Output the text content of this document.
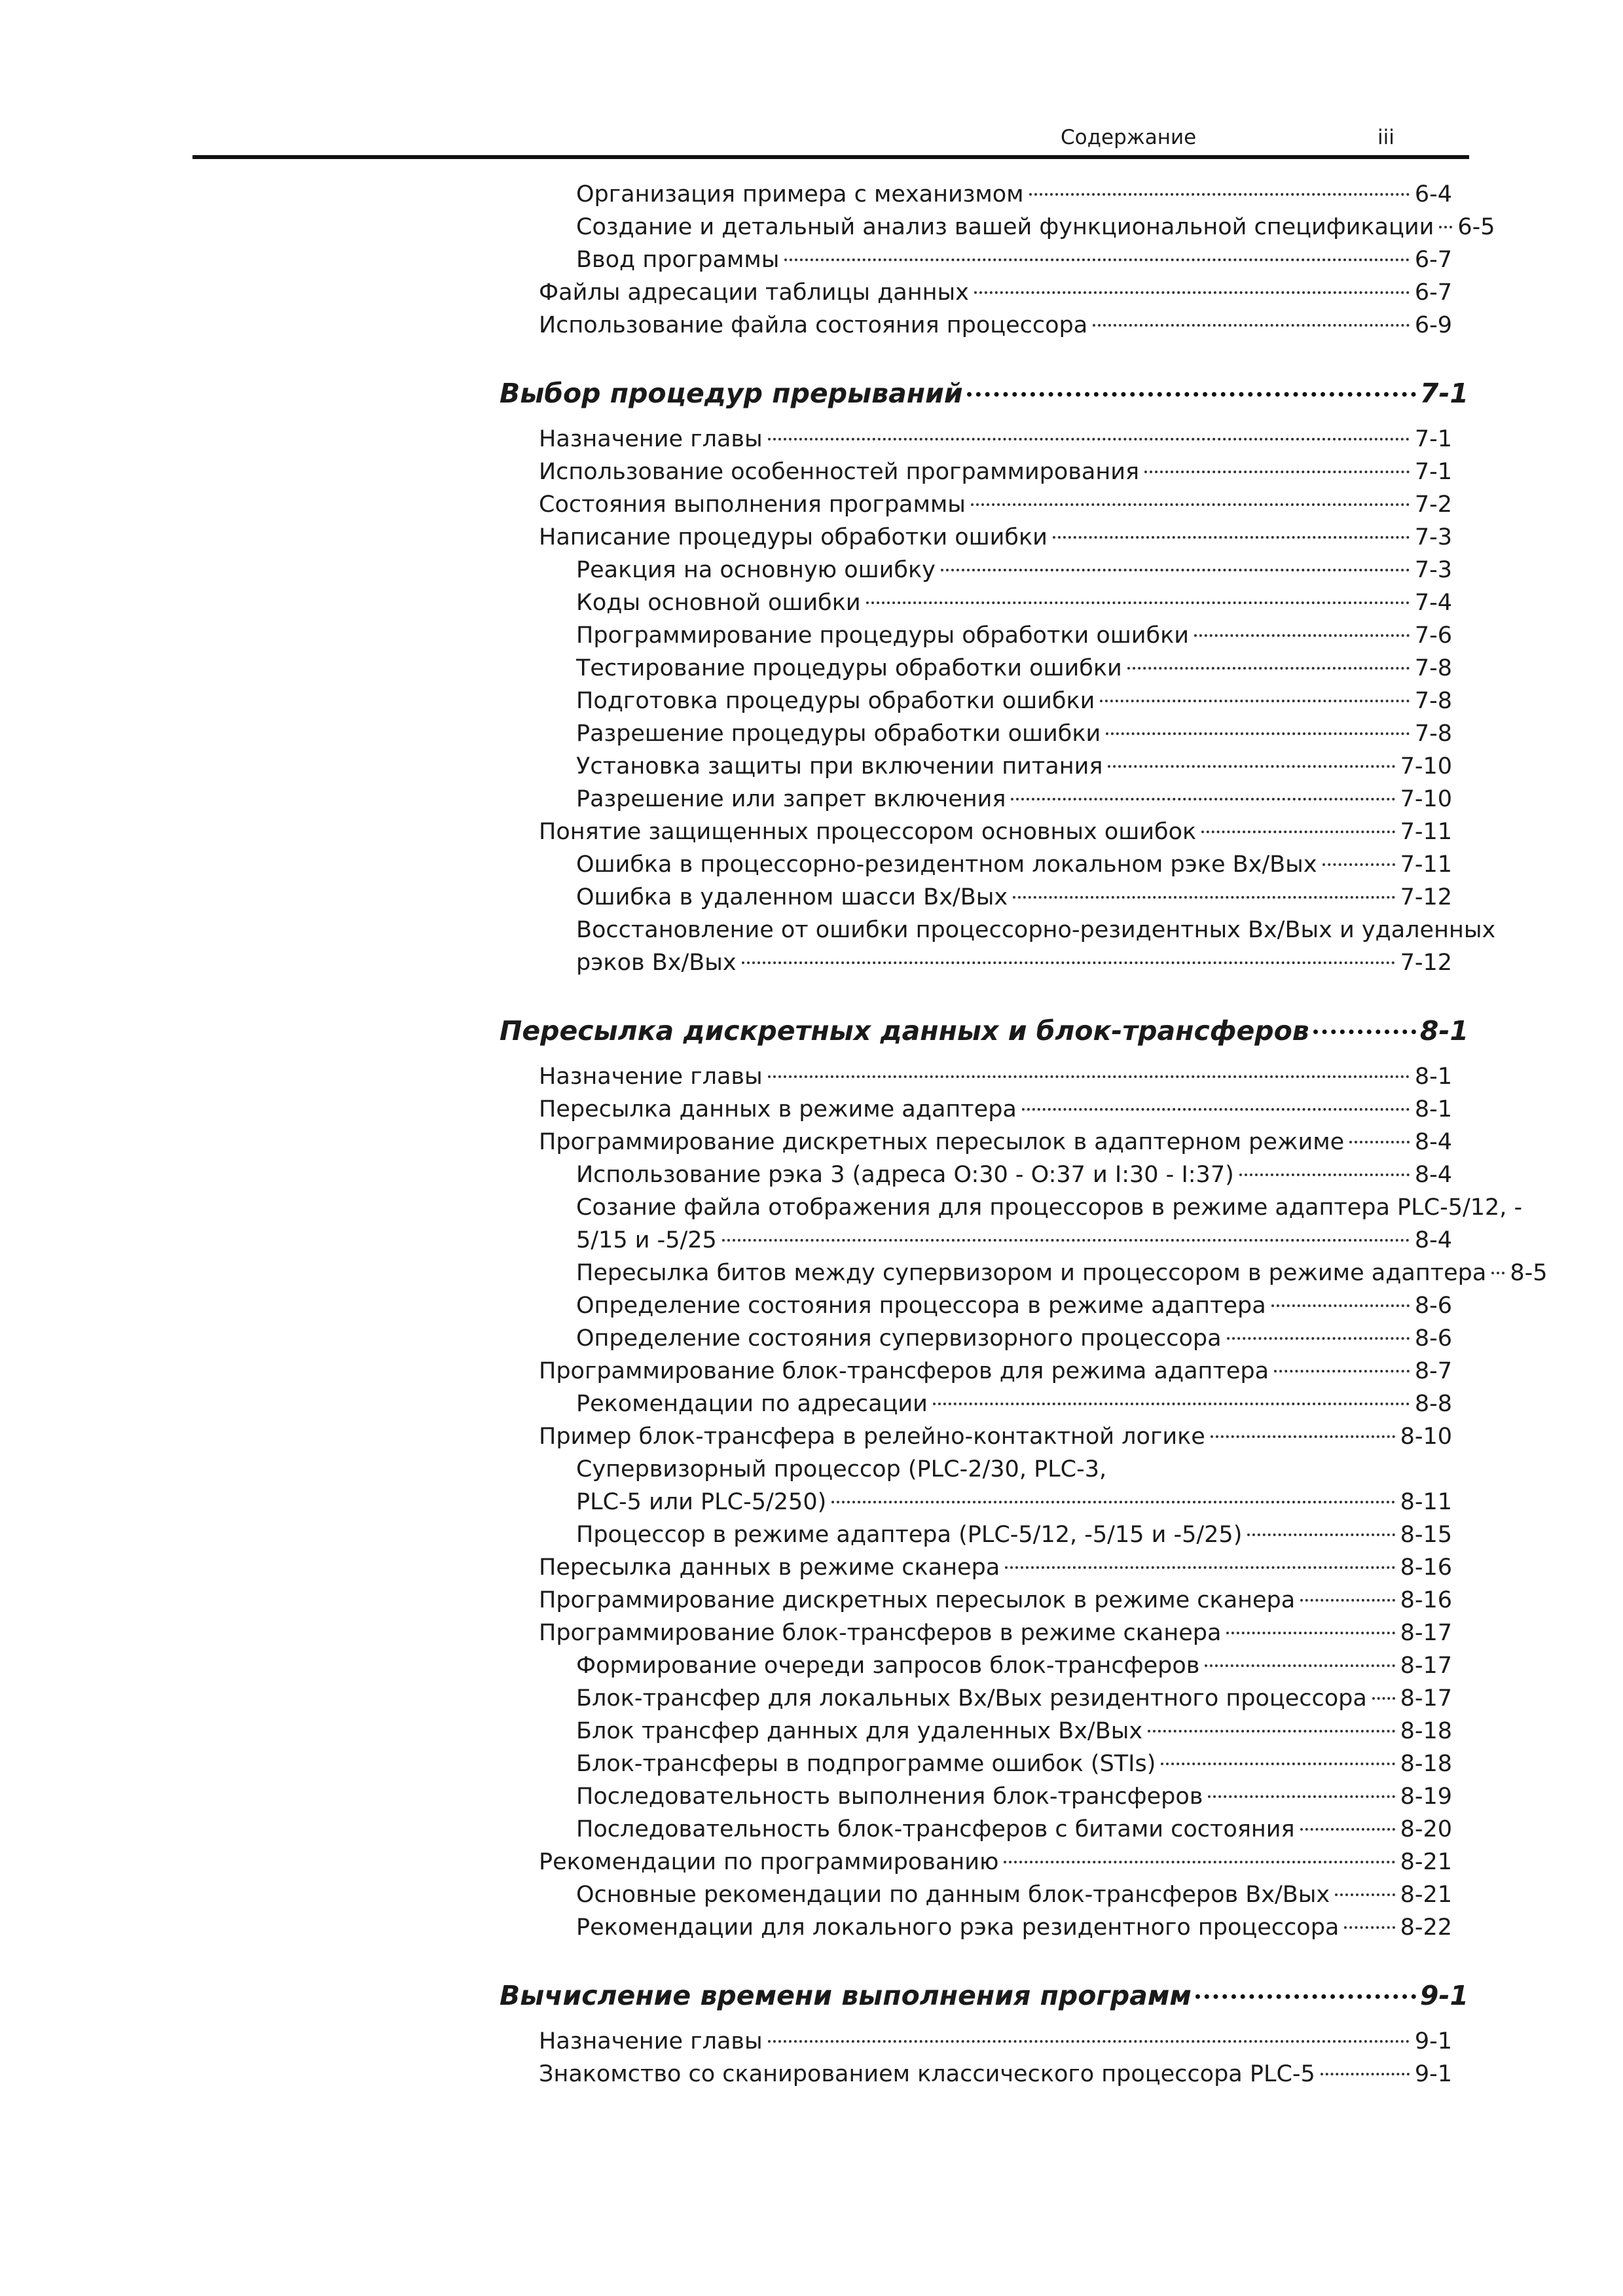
Содержание	iii
Организация примера с механизмом	6-4
Создание и детальный анализ вашей функциональной спецификации 6-5
Ввод программы	6-7
Файлы адресации таблицы данных	6-7
Использование файла состояния процессора	6-9
Выбор процедур прерываний	7-1
Назначение главы	7-1
Использование особенностей программирования	7-1
Состояния выполнения программы	7-2
Написание процедуры обработки ошибки	7-3
Реакция на основную ошибку	7-3
Коды основной ошибки	7-4
Программирование процедуры обработки ошибки	7-6
Тестирование процедуры обработки ошибки	7-8
Подготовка процедуры обработки ошибки	7-8
Разрешение процедуры обработки ошибки	7-8
Установка защиты при включении питания	7-10
Разрешение или запрет включения	7-10
Понятие защищенных процессором основных ошибок	7-11
Ошибка в процессорно-резидентном локальном рэке Вх/Вых	7-11
Ошибка в удаленном шасси Вх/Вых	7-12
Восстановление от ошибки процессорно-резидентных Вх/Вых и удаленных
рэков Вх/Вых	7-12
Пересылка дискретных данных и блок-трансферов	8-1
Назначение главы	8-1
Пересылка данных в режиме адаптера	8-1
Программирование дискретных пересылок в адаптерном режиме	8-4
Использование рэка 3 (адреса O:30 - O:37 и I:30 - I:37)	8-4
Созание файла отображения для процессоров в режиме адаптера PLC-5/12, -
5/15 и -5/25	8-4
Пересылка битов между супервизором и процессором в режиме адаптера 8-5
Определение состояния процессора в режиме адаптера	8-6
Определение состояния супервизорного процессора	8-6
Программирование блок-трансферов для режима адаптера	8-7
Рекомендации по адресации	8-8
Пример блок-трансфера в релейно-контактной логике	8-10
Супервизорный процессор (PLC-2/30, PLC-3,
PLC-5 или PLC-5/250)	8-11
Процессор в режиме адаптера (PLC-5/12, -5/15 и -5/25)	8-15
Пересылка данных в режиме сканера	8-16
Программирование дискретных пересылок в режиме сканера	8-16
Программирование блок-трансферов в режиме сканера	8-17
Формирование очереди запросов блок-трансферов	8-17
Блок-трансфер для локальных Вх/Вых резидентного процессора 8-17
Блок трансфер данных для удаленных Вх/Вых	8-18
Блок-трансферы в подпрограмме ошибок (STIs)	8-18
Последовательность выполнения блок-трансферов	8-19
Последовательность блок-трансферов с битами состояния	8-20
Рекомендации по программированию	8-21
Основные рекомендации по данным блок-трансферов Вх/Вых	8-21
Рекомендации для локального рэка резидентного процессора	8-22
Вычисление времени выполнения программ	9-1
Назначение главы	9-1
Знакомство со сканированием классического процессора PLC-5	9-1
